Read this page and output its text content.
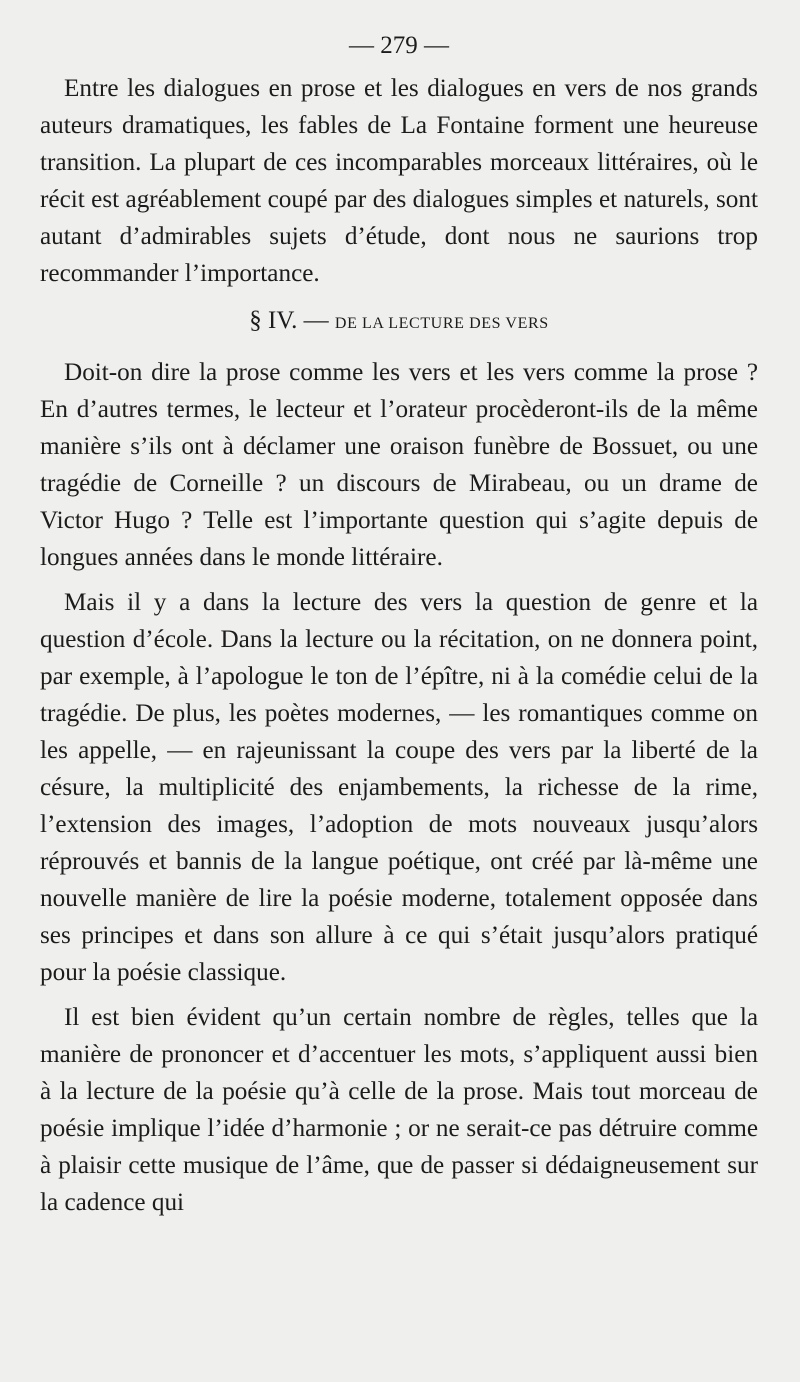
— 279 —

Entre les dialogues en prose et les dialogues en vers de nos grands auteurs dramatiques, les fables de La Fontaine forment une heureuse transition. La plupart de ces incomparables morceaux littéraires, où le récit est agréablement coupé par des dialogues simples et naturels, sont autant d’admirables sujets d’étude, dont nous ne saurions trop recommander l’importance.

§ IV. — DE LA LECTURE DES VERS

Doit-on dire la prose comme les vers et les vers comme la prose ? En d’autres termes, le lecteur et l’orateur procèderont-ils de la même manière s’ils ont à déclamer une oraison funèbre de Bossuet, ou une tragédie de Corneille ? un discours de Mirabeau, ou un drame de Victor Hugo ? Telle est l’importante question qui s’agite depuis de longues années dans le monde littéraire.

Mais il y a dans la lecture des vers la question de genre et la question d’école. Dans la lecture ou la récitation, on ne donnera point, par exemple, à l’apologue le ton de l’épître, ni à la comédie celui de la tragédie. De plus, les poètes modernes, — les romantiques comme on les appelle, — en rajeunissant la coupe des vers par la liberté de la césure, la multiplicité des enjambements, la richesse de la rime, l’extension des images, l’adoption de mots nouveaux jusqu’alors réprouvés et bannis de la langue poétique, ont créé par là-même une nouvelle manière de lire la poésie moderne, totalement opposée dans ses principes et dans son allure à ce qui s’était jusqu’alors pratiqué pour la poésie classique.

Il est bien évident qu’un certain nombre de règles, telles que la manière de prononcer et d’accentuer les mots, s’appliquent aussi bien à la lecture de la poésie qu’à celle de la prose. Mais tout morceau de poésie implique l’idée d’harmonie ; or ne serait-ce pas détruire comme à plaisir cette musique de l’âme, que de passer si dédaigneusement sur la cadence qui
